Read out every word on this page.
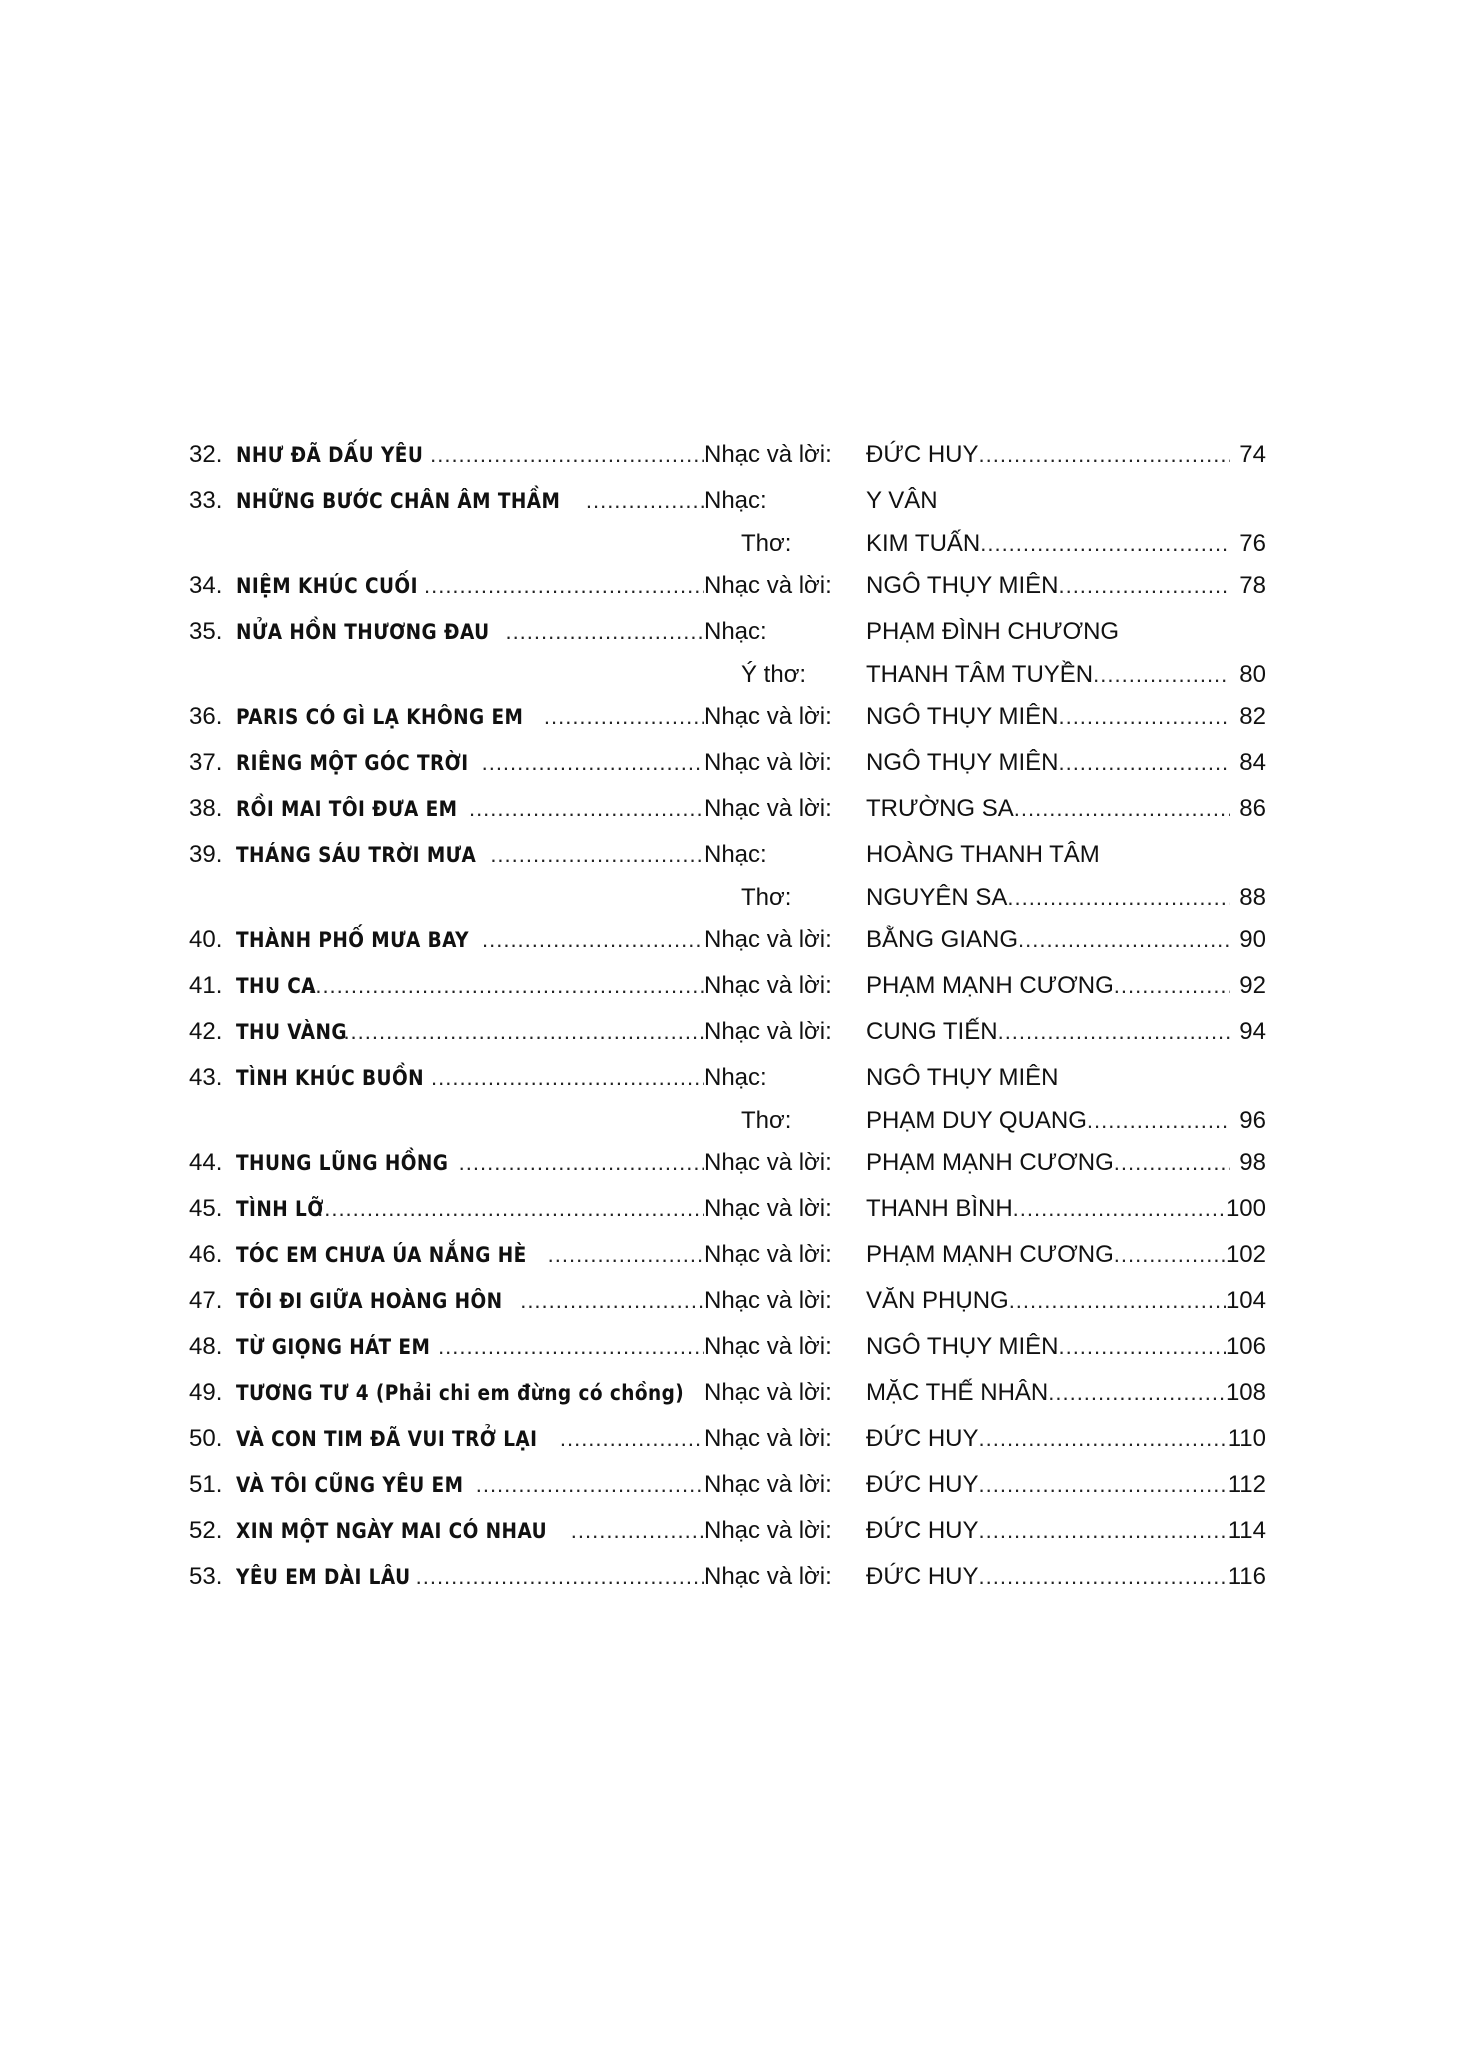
32. NHƯ ĐÃ DẤU YÊU .....	Nhạc và lời:	ĐỨC HUY .....	74
33. NHỮNG BƯỚC CHÂN ÂM THẦM .....	Nhạc:	Y VÂN
Thơ:	KIM TUẤN .....	76
34. NIỆM KHÚC CUỐI .....	Nhạc và lời:	NGÔ THỤY MIÊN .....	78
35. NỬA HỒN THƯƠNG ĐAU .....	Nhạc:	PHẠM ĐÌNH CHƯƠNG
Ý thơ:	THANH TÂM TUYỀN .....	80
36. PARIS CÓ GÌ LẠ KHÔNG EM .....	Nhạc và lời:	NGÔ THỤY MIÊN .....	82
37. RIÊNG MỘT GÓC TRỜI .....	Nhạc và lời:	NGÔ THỤY MIÊN .....	84
38. RỒI MAI TÔI ĐƯA EM .....	Nhạc và lời:	TRƯỜNG SA .....	86
39. THÁNG SÁU TRỜI MƯA .....	Nhạc:	HOÀNG THANH TÂM
Thơ:	NGUYÊN SA .....	88
40. THÀNH PHỐ MƯA BAY .....	Nhạc và lời:	BẰNG GIANG .....	90
41. THU CA .....	Nhạc và lời:	PHẠM MẠNH CƯƠNG .....	92
42. THU VÀNG .....	Nhạc và lời:	CUNG TIẾN .....	94
43. TÌNH KHÚC BUỒN .....	Nhạc:	NGÔ THỤY MIÊN
Thơ:	PHẠM DUY QUANG .....	96
44. THUNG LŨNG HỒNG .....	Nhạc và lời:	PHẠM MẠNH CƯƠNG .....	98
45. TÌNH LỠ .....	Nhạc và lời:	THANH BÌNH .....	100
46. TÓC EM CHƯA ÚA NẮNG HÈ .....	Nhạc và lời:	PHẠM MẠNH CƯƠNG .....	102
47. TÔI ĐI GIỮA HOÀNG HÔN .....	Nhạc và lời:	VĂN PHỤNG .....	104
48. TỪ GIỌNG HÁT EM .....	Nhạc và lời:	NGÔ THỤY MIÊN .....	106
49. TƯƠNG TƯ 4 (Phải chi em đừng có chồng) Nhạc và lời:	MẶC THẾ NHÂN .....	108
50. VÀ CON TIM ĐÃ VUI TRỞ LẠI .....	Nhạc và lời:	ĐỨC HUY .....	110
51. VÀ TÔI CŨNG YÊU EM .....	Nhạc và lời:	ĐỨC HUY .....	112
52. XIN MỘT NGÀY MAI CÓ NHAU .....	Nhạc và lời:	ĐỨC HUY .....	114
53. YÊU EM DÀI LÂU .....	Nhạc và lời:	ĐỨC HUY .....	116
